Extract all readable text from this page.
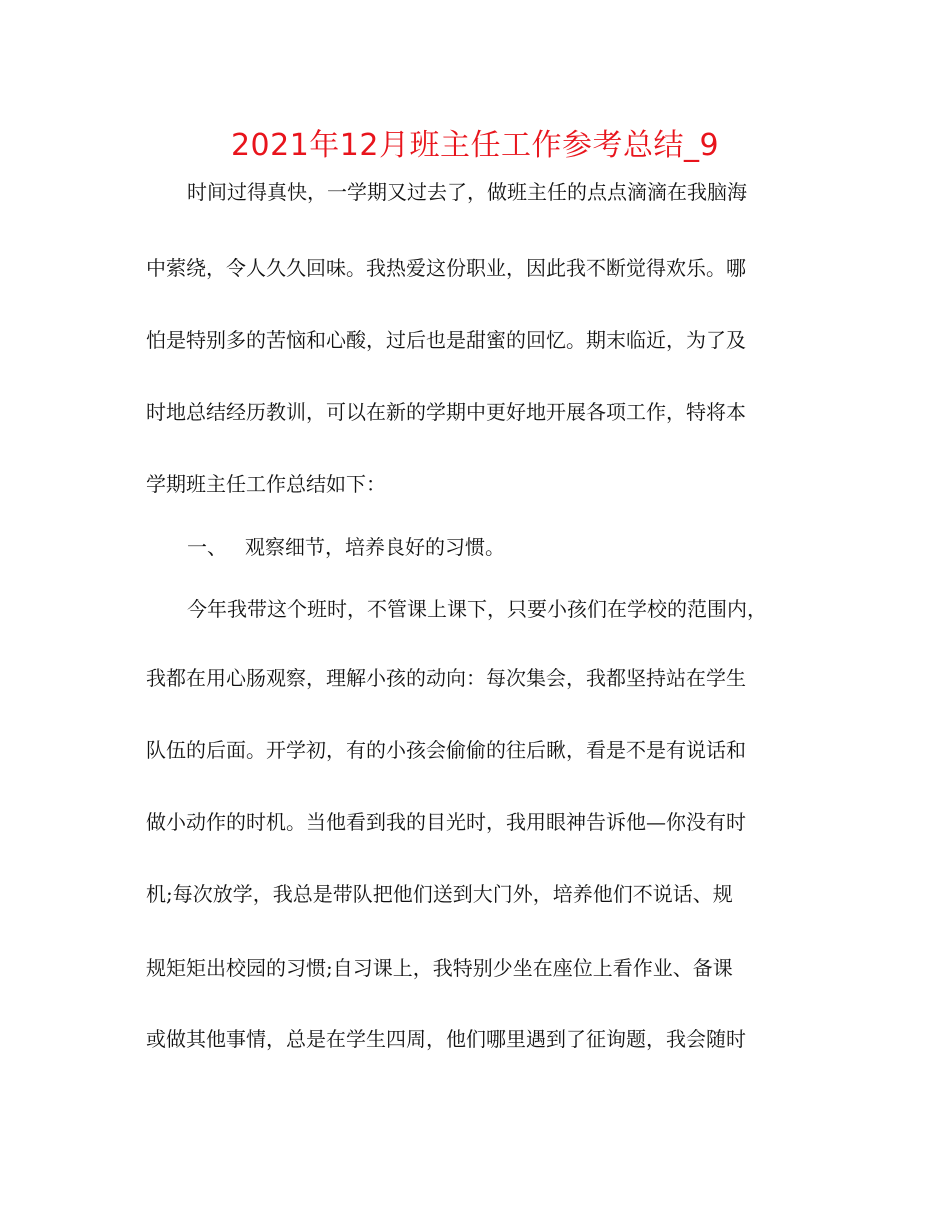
2021年12月班主任工作参考总结_9

时间过得真快，一学期又过去了，做班主任的点点滴滴在我脑海

中萦绕，令人久久回味。我热爱这份职业，因此我不断觉得欢乐。哪

怕是特别多的苦恼和心酸，过后也是甜蜜的回忆。期末临近，为了及

时地总结经历教训，可以在新的学期中更好地开展各项工作，特将本

学期班主任工作总结如下：

一、 观察细节，培养良好的习惯。

今年我带这个班时，不管课上课下，只要小孩们在学校的范围内，

我都在用心肠观察，理解小孩的动向：每次集会，我都坚持站在学生

队伍的后面。开学初，有的小孩会偷偷的往后瞅，看是不是有说话和

做小动作的时机。当他看到我的目光时，我用眼神告诉他—你没有时

机;每次放学，我总是带队把他们送到大门外，培养他们不说话、规

规矩矩出校园的习惯;自习课上，我特别少坐在座位上看作业、备课

或做其他事情，总是在学生四周，他们哪里遇到了征询题，我会随时
